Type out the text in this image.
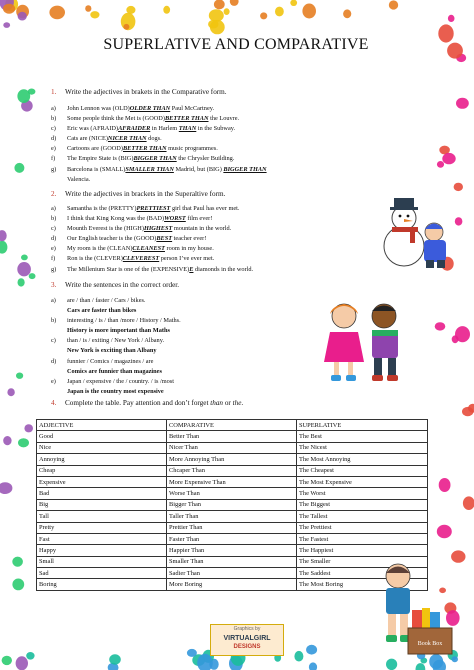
SUPERLATIVE AND COMPARATIVE
1. Write the adjectives in brakets in the Comparative form.
a) John Lennon was (OLD)OLDER THAN Paul McCartney.
b) Some people think the Met is (GOOD)BETTER THAN the Louvre.
c) Eric was (AFRAID)AFRAIDER in Harlem THAN in the Subway.
d) Cats are (NICE)NICER THAN dogs.
e) Cartoons are (GOOD)BETTER THAN music programmes.
f) The Empire State is (BIG)BIGGER THAN the Chrysler Building.
g) Barcelona is (SMALL)SMALLER THAN Madrid, but (BIG) BIGGER THAN
Valencia.
2. Write the adjectives in brackets in the Superaltive form.
a) Samantha is the (PRETTY)PRETTIEST girl that Paul has ever met.
b) I think that King Kong was the (BAD)WORST film ever!
c) Mounth Everest is the (HIGH)HIGHEST mountain in the world.
d) Our English teacher is the (GOOD)BEST teacher ever!
e) My room is the (CLEAN)CLEANEST room in my house.
f) Ron is the (CLEVER)CLEVEREST person I’ve ever met.
g) The Millenium Star is one of the (EXPENSIVE)E diamonds in the world.
3. Write the sentences in the correct order.
a) are / than / faster / Cars / bikes.
Cars are faster than bikes
b) interesting / is / than /more / History / Maths.
History is more important than Maths
c) than / is / exiting / New York / Albany.
New York is exciting than Albany
d) funnier / Comics / magazines / are
Comics are funnier than magazines
e) Japan / expensive / the / country. / is /most
Japan is the country most expensive
4. Complete the table. Pay attention and don’t forget than or the.
ADJECTIVE	COMPARATIVE	SUPERLATIVE
Good	Better Than	The Best
Nice	Nicer Than	The Nicest
Annoying	More Annoying Than	The Most Annoying
Cheap	Chcaper Than	The Cheapest
Expensive	More Expensive Than	The Most Expensive
Bad	Worse Than	The Worst
Big	Bigger Than	The Biggest
Tall	Taller Than	The Tallest
Pretty	Prettier Than	The Prettiest
Fast	Faster Than	The Fastest
Happy	Happier Than	The Happiest
Small	Smaller Than	The Smaller
Sad	Sadier Than	The Saddest
Boring	More Boring	The Most Boring
Book Box
Graphics by
VIRTUALGIRL
DESIGNS
